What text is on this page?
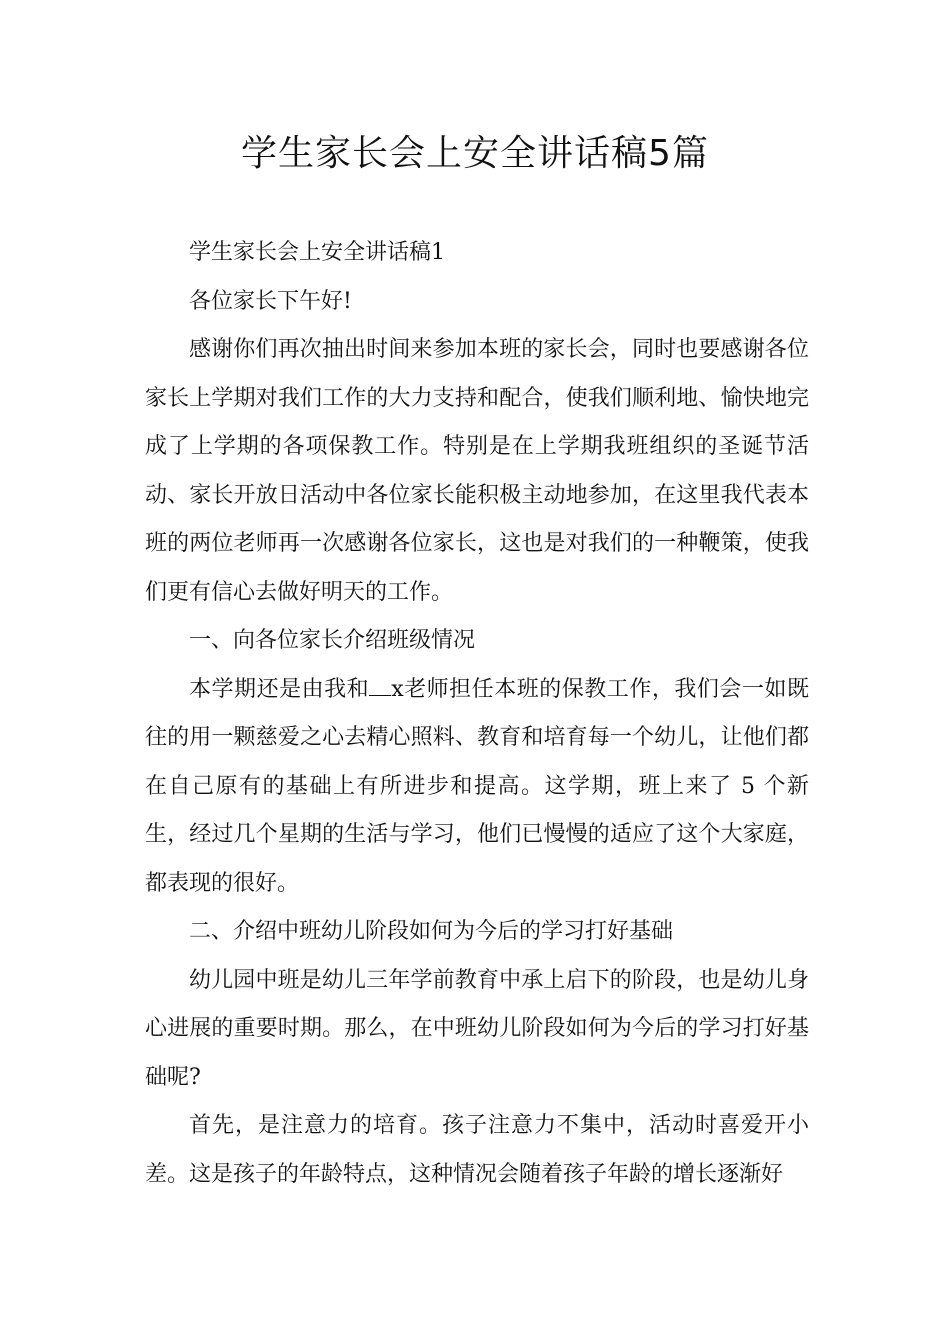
学生家长会上安全讲话稿5篇

学生家长会上安全讲话稿1

各位家长下午好!

感谢你们再次抽出时间来参加本班的家长会，同时也要感谢各位家长上学期对我们工作的大力支持和配合，使我们顺利地、愉快地完成了上学期的各项保教工作。特别是在上学期我班组织的圣诞节活动、家长开放日活动中各位家长能积极主动地参加，在这里我代表本班的两位老师再一次感谢各位家长，这也是对我们的一种鞭策，使我们更有信心去做好明天的工作。

一、向各位家长介绍班级情况

本学期还是由我和 x老师担任本班的保教工作，我们会一如既往的用一颗慈爱之心去精心照料、教育和培育每一个幼儿，让他们都在自己原有的基础上有所进步和提高。这学期，班上来了 5 个新生，经过几个星期的生活与学习，他们已慢慢的适应了这个大家庭，都表现的很好。

二、介绍中班幼儿阶段如何为今后的学习打好基础

幼儿园中班是幼儿三年学前教育中承上启下的阶段，也是幼儿身心进展的重要时期。那么，在中班幼儿阶段如何为今后的学习打好基础呢?

首先，是注意力的培育。孩子注意力不集中，活动时喜爱开小差。这是孩子的年龄特点，这种情况会随着孩子年龄的增长逐渐好
